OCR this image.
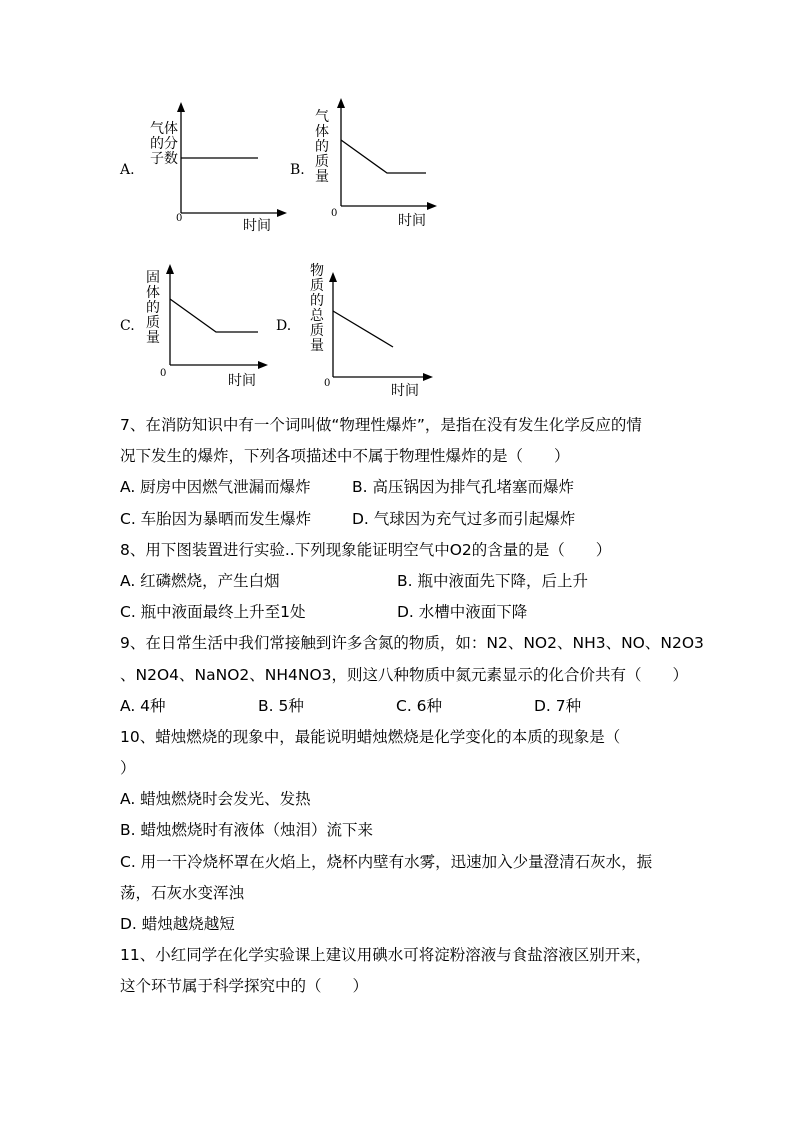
A.
气体
的分
子数
0	时间
B.
气
体
的
质
量
0	时间
C.
固
体
的
质
量
0	时间
D.
物
质
的
总
质
量
0	时间
7、在消防知识中有一个词叫做“物理性爆炸”，是指在没有发生化学反应的情
况下发生的爆炸，下列各项描述中不属于物理性爆炸的是（　　）
A. 厨房中因燃气泄漏而爆炸	B. 高压锅因为排气孔堵塞而爆炸
C. 车胎因为暴晒而发生爆炸	D. 气球因为充气过多而引起爆炸
8、用下图装置进行实验..下列现象能证明空气中O2的含量的是（　　）
A. 红磷燃烧，产生白烟	B. 瓶中液面先下降，后上升
C. 瓶中液面最终上升至1处	D. 水槽中液面下降
9、在日常生活中我们常接触到许多含氮的物质，如：N2、NO2、NH3、NO、N2O3
、N2O4、NaNO2、NH4NO3，则这八种物质中氮元素显示的化合价共有（　　）
A. 4种	B. 5种	C. 6种	D. 7种
10、蜡烛燃烧的现象中，最能说明蜡烛燃烧是化学变化的本质的现象是（
）
A. 蜡烛燃烧时会发光、发热
B. 蜡烛燃烧时有液体（烛泪）流下来
C. 用一干冷烧杯罩在火焰上，烧杯内壁有水雾，迅速加入少量澄清石灰水，振
荡，石灰水变浑浊
D. 蜡烛越烧越短
11、小红同学在化学实验课上建议用碘水可将淀粉溶液与食盐溶液区别开来，
这个环节属于科学探究中的（　　）
